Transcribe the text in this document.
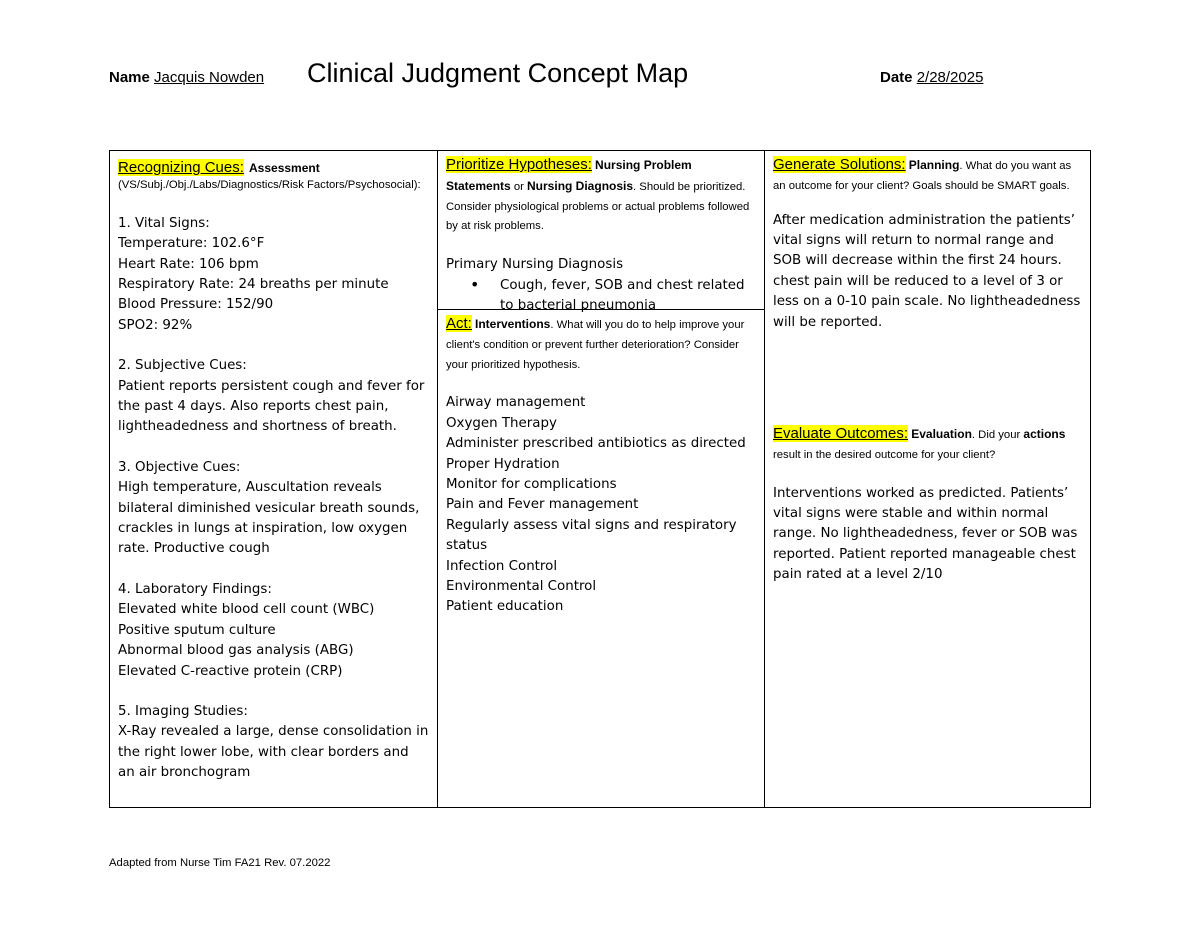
Name Jacquis Nowden Clinical Judgment Concept Map	Date 2/28/2025
Recognizing Cues: Assessment
(VS/Subj./Obj./Labs/Diagnostics/Risk Factors/Psychosocial):
1. Vital Signs:
Temperature: 102.6°F
Heart Rate: 106 bpm
Respiratory Rate: 24 breaths per minute
Blood Pressure: 152/90
SPO2: 92%
2. Subjective Cues:
Patient reports persistent cough and fever for the past 4 days. Also reports chest pain, lightheadedness and shortness of breath.
3. Objective Cues:
High temperature, Auscultation reveals bilateral diminished vesicular breath sounds, crackles in lungs at inspiration, low oxygen rate. Productive cough
4. Laboratory Findings:
Elevated white blood cell count (WBC)
Positive sputum culture
Abnormal blood gas analysis (ABG)
Elevated C-reactive protein (CRP)
5. Imaging Studies:
X-Ray revealed a large, dense consolidation in the right lower lobe, with clear borders and an air bronchogram
Prioritize Hypotheses: Nursing Problem Statements or Nursing Diagnosis. Should be prioritized. Consider physiological problems or actual problems followed by at risk problems.
Primary Nursing Diagnosis
• Cough, fever, SOB and chest related to bacterial pneumonia
Act: Interventions. What will you do to help improve your client's condition or prevent further deterioration? Consider your prioritized hypothesis.
Airway management
Oxygen Therapy
Administer prescribed antibiotics as directed
Proper Hydration
Monitor for complications
Pain and Fever management
Regularly assess vital signs and respiratory status
Infection Control
Environmental Control
Patient education
Generate Solutions: Planning. What do you want as an outcome for your client? Goals should be SMART goals.
After medication administration the patients’ vital signs will return to normal range and SOB will decrease within the first 24 hours. chest pain will be reduced to a level of 3 or less on a 0-10 pain scale. No lightheadedness will be reported.
Evaluate Outcomes: Evaluation. Did your actions result in the desired outcome for your client?
Interventions worked as predicted. Patients’ vital signs were stable and within normal range. No lightheadedness, fever or SOB was reported. Patient reported manageable chest pain rated at a level 2/10
Adapted from Nurse Tim FA21 Rev. 07.2022
